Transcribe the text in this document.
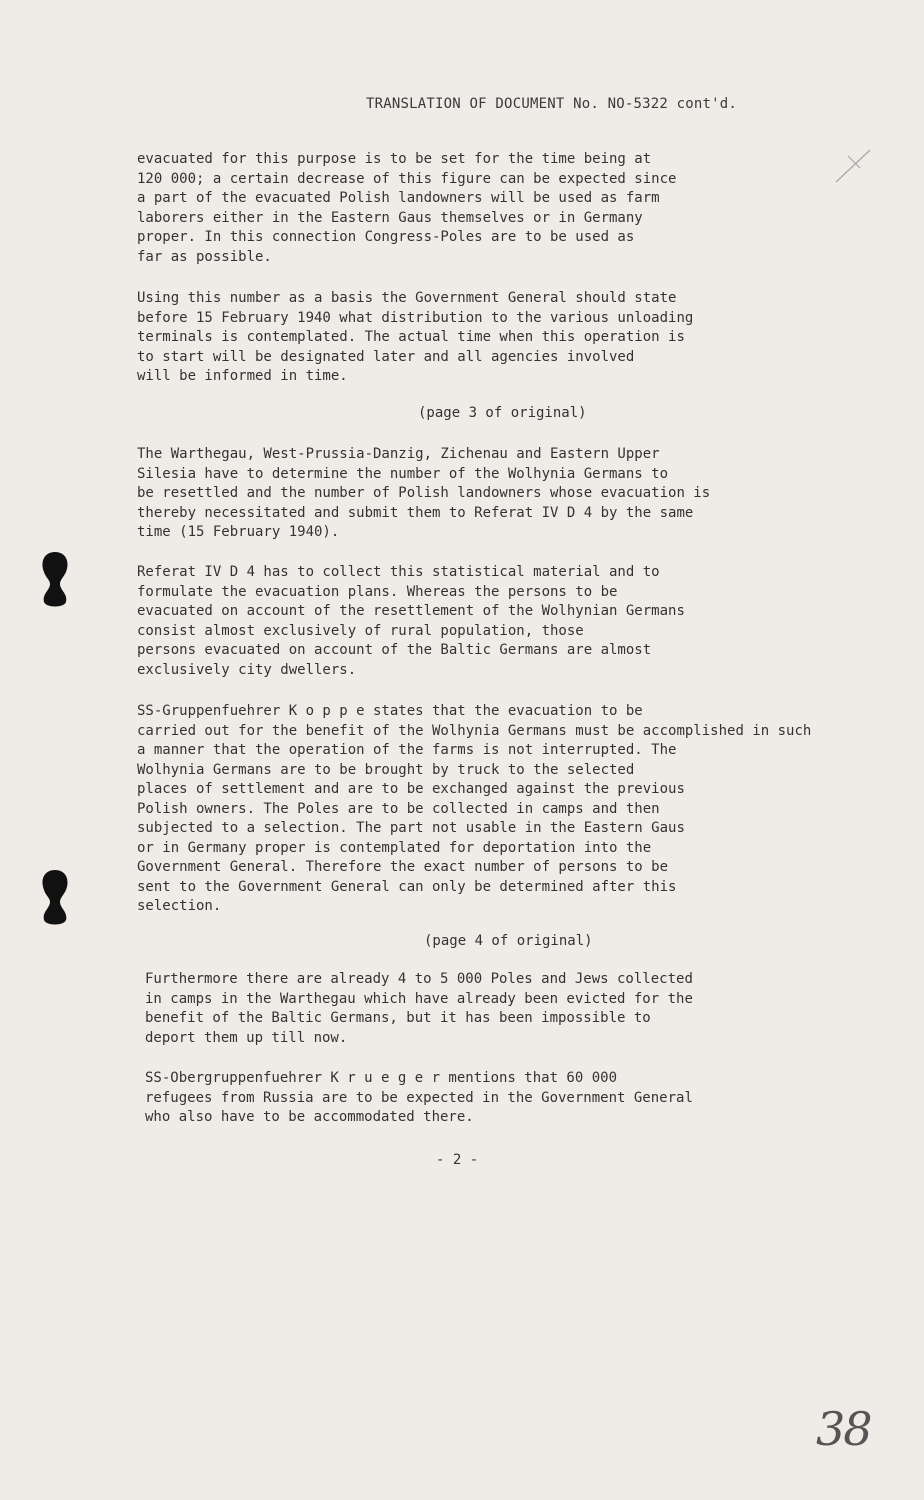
TRANSLATION OF DOCUMENT No. NO-5322 cont'd.
evacuated for this purpose is to be set for the time being at
120 000; a certain decrease of this figure can be expected since
a part of the evacuated Polish landowners will be used as farm
laborers either in the Eastern Gaus themselves or in Germany
proper. In this connection Congress-Poles are to be used as
far as possible.
Using this number as a basis the Government General should state
before 15 February 1940 what distribution to the various unloading
terminals is contemplated. The actual time when this operation is
to start will be designated later and all agencies involved
will be informed in time.
(page 3 of original)
The Warthegau, West-Prussia-Danzig, Zichenau and Eastern Upper
Silesia have to determine the number of the Wolhynia Germans to
be resettled and the number of Polish landowners whose evacuation is
thereby necessitated and submit them to Referat IV D 4 by the same
time (15 February 1940).
Referat IV D 4 has to collect this statistical material and to
formulate the evacuation plans. Whereas the persons to be
evacuated on account of the resettlement of the Wolhynian Germans
consist almost exclusively of rural population, those
persons evacuated on account of the Baltic Germans are almost
exclusively city dwellers.
SS-Gruppenfuehrer K o p p e states that the evacuation to be
carried out for the benefit of the Wolhynia Germans must be accomplished in such
a manner that the operation of the farms is not interrupted. The
Wolhynia Germans are to be brought by truck to the selected
places of settlement and are to be exchanged against the previous
Polish owners. The Poles are to be collected in camps and then
subjected to a selection. The part not usable in the Eastern Gaus
or in Germany proper is contemplated for deportation into the
Government General. Therefore the exact number of persons to be
sent to the Government General can only be determined after this
selection.
(page 4 of original)
Furthermore there are already 4 to 5 000 Poles and Jews collected
in camps in the Warthegau which have already been evicted for the
benefit of the Baltic Germans, but it has been impossible to
deport them up till now.
SS-Obergruppenfuehrer K r u e g e r mentions that 60 000
refugees from Russia are to be expected in the Government General
who also have to be accommodated there.
- 2 -
38
